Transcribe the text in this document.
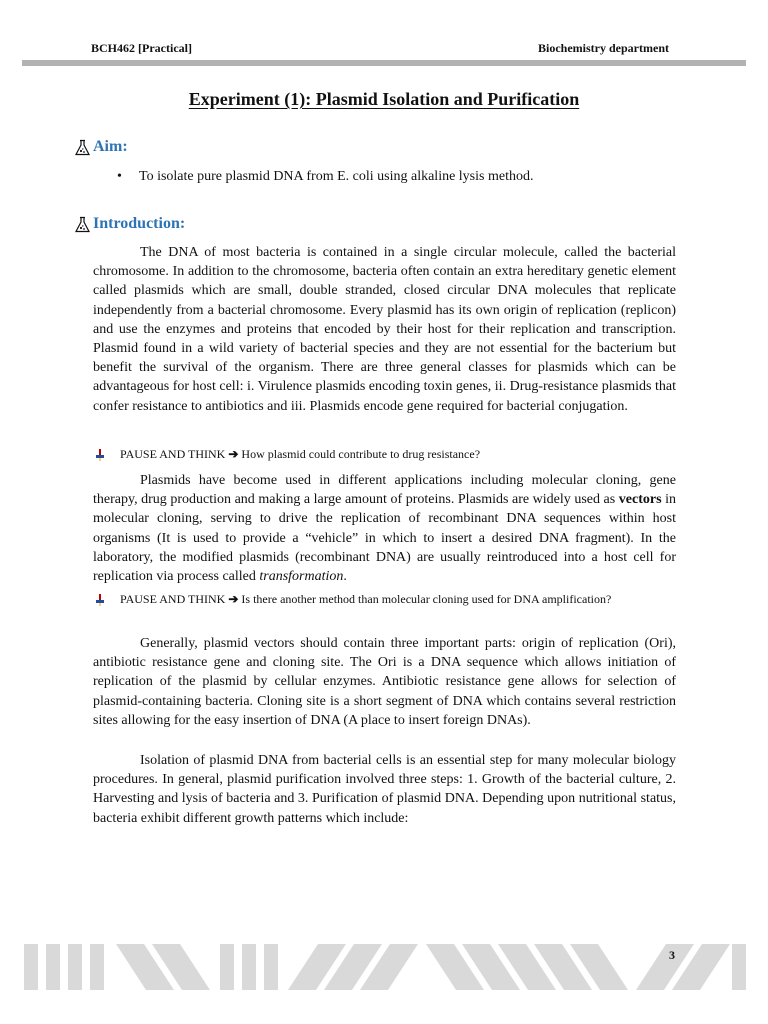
BCH462 [Practical]	Biochemistry department
Experiment (1): Plasmid Isolation and Purification
Aim:
• To isolate pure plasmid DNA from E. coli using alkaline lysis method.
Introduction:

The DNA of most bacteria is contained in a single circular molecule, called the bacterial chromosome. In addition to the chromosome, bacteria often contain an extra hereditary genetic element called plasmids which are small, double stranded, closed circular DNA molecules that replicate independently from a bacterial chromosome. Every plasmid has its own origin of replication (replicon) and use the enzymes and proteins that encoded by their host for their replication and transcription. Plasmid found in a wild variety of bacterial species and they are not essential for the bacterium but benefit the survival of the organism. There are three general classes for plasmids which can be advantageous for host cell: i. Virulence plasmids encoding toxin genes, ii. Drug-resistance plasmids that confer resistance to antibiotics and iii. Plasmids encode gene required for bacterial conjugation.

PAUSE AND THINK ➔ How plasmid could contribute to drug resistance?

Plasmids have become used in different applications including molecular cloning, gene therapy, drug production and making a large amount of proteins. Plasmids are widely used as vectors in molecular cloning, serving to drive the replication of recombinant DNA sequences within host organisms (It is used to provide a “vehicle” in which to insert a desired DNA fragment). In the laboratory, the modified plasmids (recombinant DNA) are usually reintroduced into a host cell for replication via process called transformation.

PAUSE AND THINK ➔ Is there another method than molecular cloning used for DNA amplification?

Generally, plasmid vectors should contain three important parts: origin of replication (Ori), antibiotic resistance gene and cloning site. The Ori is a DNA sequence which allows initiation of replication of the plasmid by cellular enzymes. Antibiotic resistance gene allows for selection of plasmid-containing bacteria. Cloning site is a short segment of DNA which contains several restriction sites allowing for the easy insertion of DNA (A place to insert foreign DNAs).

Isolation of plasmid DNA from bacterial cells is an essential step for many molecular biology procedures. In general, plasmid purification involved three steps: 1. Growth of the bacterial culture, 2. Harvesting and lysis of bacteria and 3. Purification of plasmid DNA. Depending upon nutritional status, bacteria exhibit different growth patterns which include:

3
